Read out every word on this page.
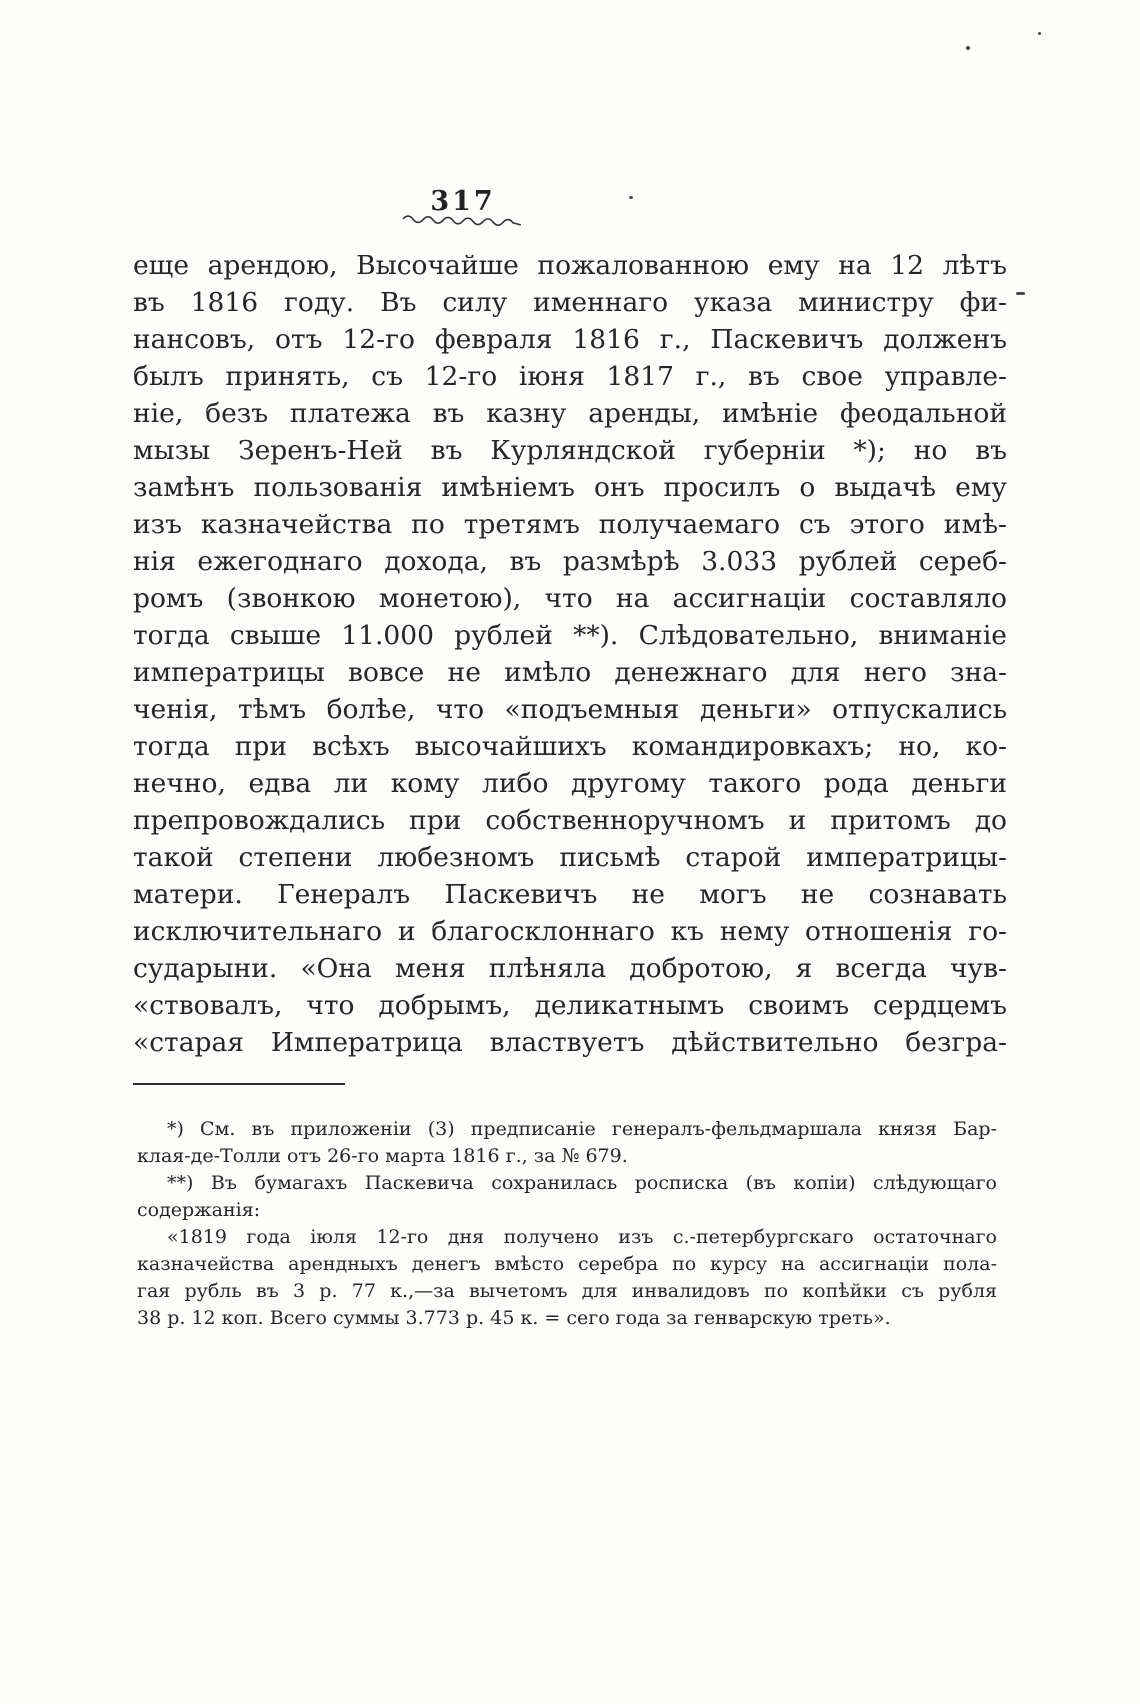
317
еще арендою, Высочайше пожалованною ему на 12 лѣтъ
въ 1816 году. Въ силу именнаго указа министру фи-
нансовъ, отъ 12-го февраля 1816 г., Паскевичъ долженъ
былъ принять, съ 12-го іюня 1817 г., въ свое управле-
ніе, безъ платежа въ казну аренды, имѣніе феодальной
мызы Зеренъ-Ней въ Курляндской губерніи *); но въ
замѣнъ пользованія имѣніемъ онъ просилъ о выдачѣ ему
изъ казначейства по третямъ получаемаго съ этого имѣ-
нія ежегоднаго дохода, въ размѣрѣ 3.033 рублей сереб-
ромъ (звонкою монетою), что на ассигнаціи составляло
тогда свыше 11.000 рублей **). Слѣдовательно, вниманіе
императрицы вовсе не имѣло денежнаго для него зна-
ченія, тѣмъ болѣе, что «подъемныя деньги» отпускались
тогда при всѣхъ высочайшихъ командировкахъ; но, ко-
нечно, едва ли кому либо другому такого рода деньги
препровождались при собственноручномъ и притомъ до
такой степени любезномъ письмѣ старой императрицы-
матери. Генералъ Паскевичъ не могъ не сознавать
исключительнаго и благосклоннаго къ нему отношенія го-
сударыни. «Она меня плѣняла добротою, я всегда чув-
«ствовалъ, что добрымъ, деликатнымъ своимъ сердцемъ
«старая Императрица властвуетъ дѣйствительно безгра-
*) См. въ приложеніи (3) предписаніе генералъ-фельдмаршала князя Бар-
клая-де-Толли отъ 26-го марта 1816 г., за № 679.
**) Въ бумагахъ Паскевича сохранилась росписка (въ копіи) слѣдующаго
содержанія:
«1819 года іюля 12-го дня получено изъ с.-петербургскаго остаточнаго
казначейства арендныхъ денегъ вмѣсто серебра по курсу на ассигнаціи пола-
гая рубль въ 3 р. 77 к.,—за вычетомъ для инвалидовъ по копѣйки съ рубля
38 р. 12 коп. Всего суммы 3.773 р. 45 к. = сего года за генварскую треть».
